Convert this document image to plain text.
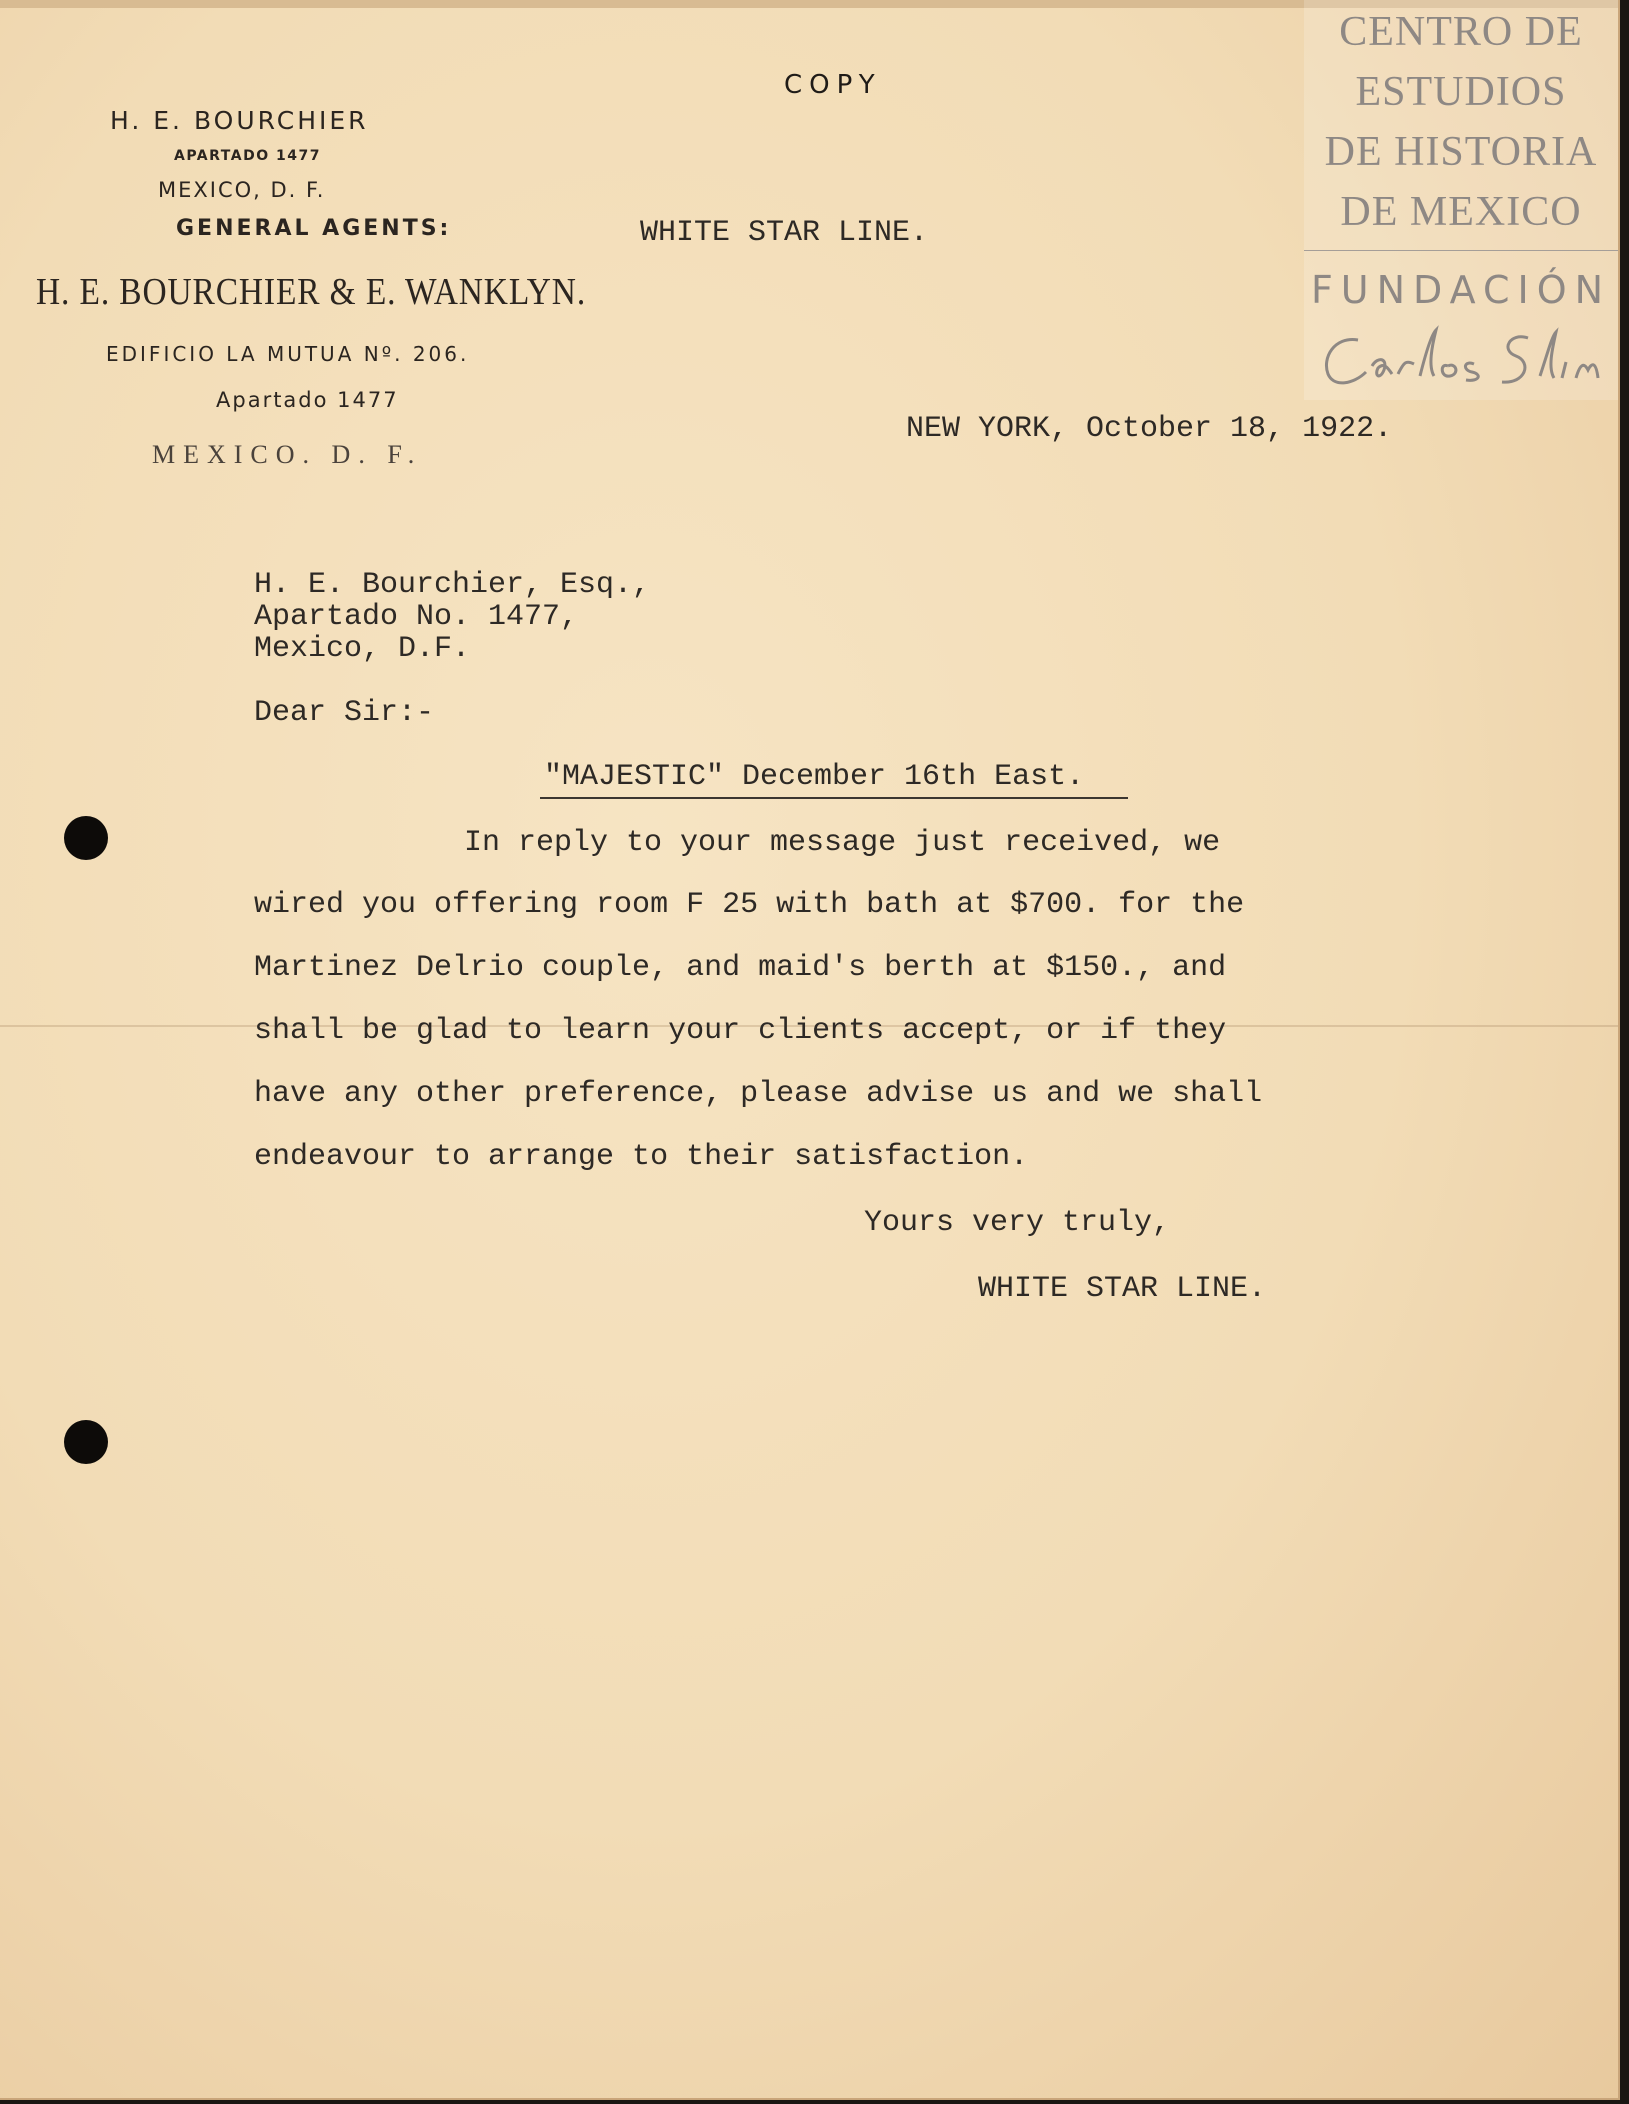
H. E. BOURCHIER
APARTADO 1477
MEXICO, D. F.
GENERAL AGENTS:
H. E. BOURCHIER & E. WANKLYN.
EDIFICIO LA MUTUA Nº. 206.
Apartado 1477
MEXICO. D. F.
COPY
WHITE STAR LINE.
NEW YORK, October 18, 1922.
H. E. Bourchier, Esq.,
Apartado No. 1477,
Mexico, D.F.
Dear Sir:-
"MAJESTIC" December 16th East.
In reply to your message just received, we
wired you offering room F 25 with bath at $700. for the
Martinez Delrio couple, and maid's berth at $150., and
shall be glad to learn your clients accept, or if they
have any other preference, please advise us and we shall
endeavour to arrange to their satisfaction.
Yours very truly,
WHITE STAR LINE.
CENTRO DE
ESTUDIOS
DE HISTORIA
DE MEXICO
FUNDACIÓN
